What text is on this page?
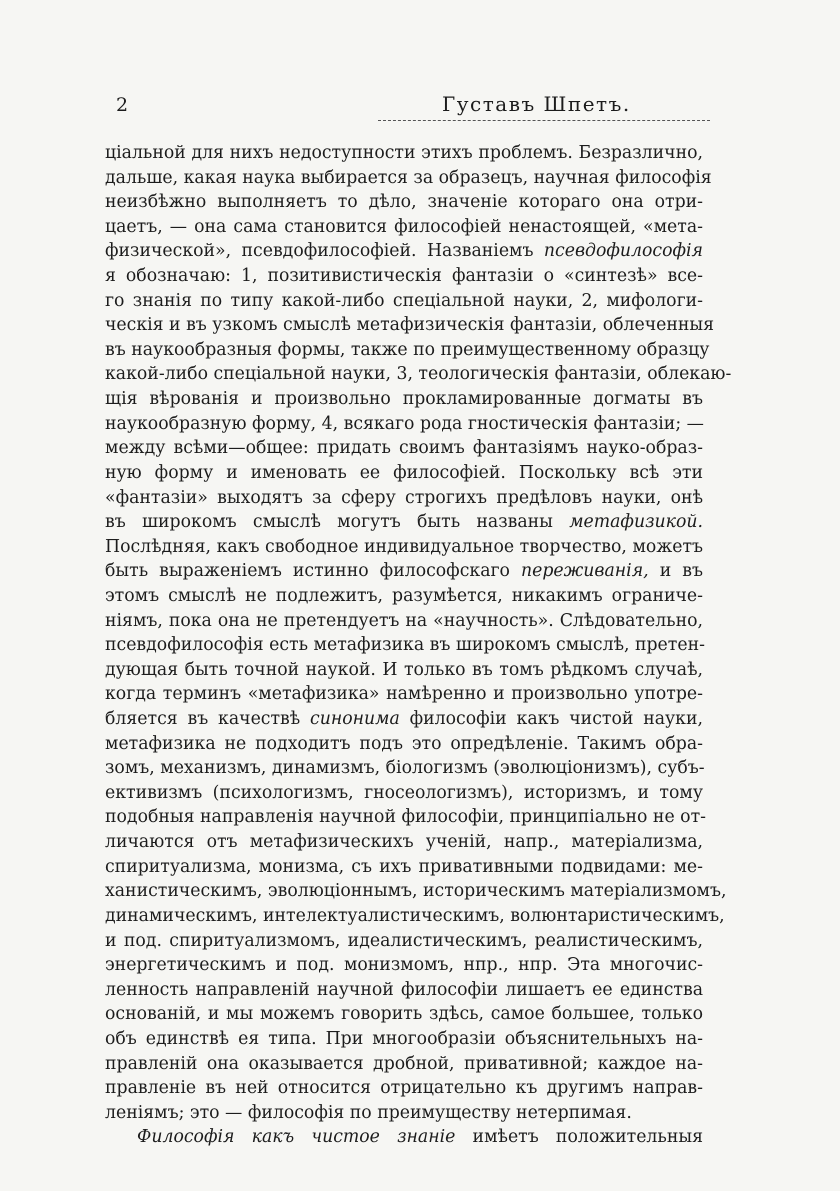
2	Густавъ Шпетъ.
ціальной для нихъ недоступности этихъ проблемъ. Безразлично,
дальше, какая наука выбирается за образецъ, научная философія
неизбѣжно выполняетъ то дѣло, значеніе котораго она отри-
цаетъ, — она сама становится философіей ненастоящей, «мета-
физической», псевдофилософіей. Названіемъ псевдофилософія
я обозначаю: 1, позитивистическія фантазіи о «синтезѣ» все-
го знанія по типу какой-либо спеціальной науки, 2, мифологи-
ческія и въ узкомъ смыслѣ метафизическія фантазіи, облеченныя
въ наукообразныя формы, также по преимущественному образцу
какой-либо спеціальной науки, 3, теологическія фантазіи, облекаю-
щія вѣрованія и произвольно прокламированные догматы въ
наукообразную форму, 4, всякаго рода гностическія фантазіи; —
между всѣми—общее: придать своимъ фантазіямъ науко-образ-
ную форму и именовать ее философіей. Поскольку всѣ эти
«фантазіи» выходятъ за сферу строгихъ предѣловъ науки, онѣ
въ широкомъ смыслѣ могутъ быть названы метафизикой.
Послѣдняя, какъ свободное индивидуальное творчество, можетъ
быть выраженіемъ истинно философскаго переживанія, и въ
этомъ смыслѣ не подлежитъ, разумѣется, никакимъ ограниче-
ніямъ, пока она не претендуетъ на «научность». Слѣдовательно,
псевдофилософія есть метафизика въ широкомъ смыслѣ, претен-
дующая быть точной наукой. И только въ томъ рѣдкомъ случаѣ,
когда терминъ «метафизика» намѣренно и произвольно употре-
бляется въ качествѣ синонима философіи какъ чистой науки,
метафизика не подходитъ подъ это опредѣленіе. Такимъ обра-
зомъ, механизмъ, динамизмъ, біологизмъ (эволюціонизмъ), субъ-
ективизмъ (психологизмъ, гносеологизмъ), историзмъ, и тому
подобныя направленія научной философіи, принципіально не от-
личаются отъ метафизическихъ ученій, напр., матеріализма,
спиритуализма, монизма, съ ихъ привативными подвидами: ме-
ханистическимъ, эволюціоннымъ, историческимъ матеріализмомъ,
динамическимъ, интелектуалистическимъ, волюнтаристическимъ,
и под. спиритуализмомъ, идеалистическимъ, реалистическимъ,
энергетическимъ и под. монизмомъ, нпр., нпр. Эта многочис-
ленность направленій научной философіи лишаетъ ее единства
основаній, и мы можемъ говорить здѣсь, самое большее, только
объ единствѣ ея типа. При многообразіи объяснительныхъ на-
правленій она оказывается дробной, привативной; каждое на-
правленіе въ ней относится отрицательно къ другимъ направ-
леніямъ; это — философія по преимуществу нетерпимая.
Философія какъ чистое знаніе имѣетъ положительныя
